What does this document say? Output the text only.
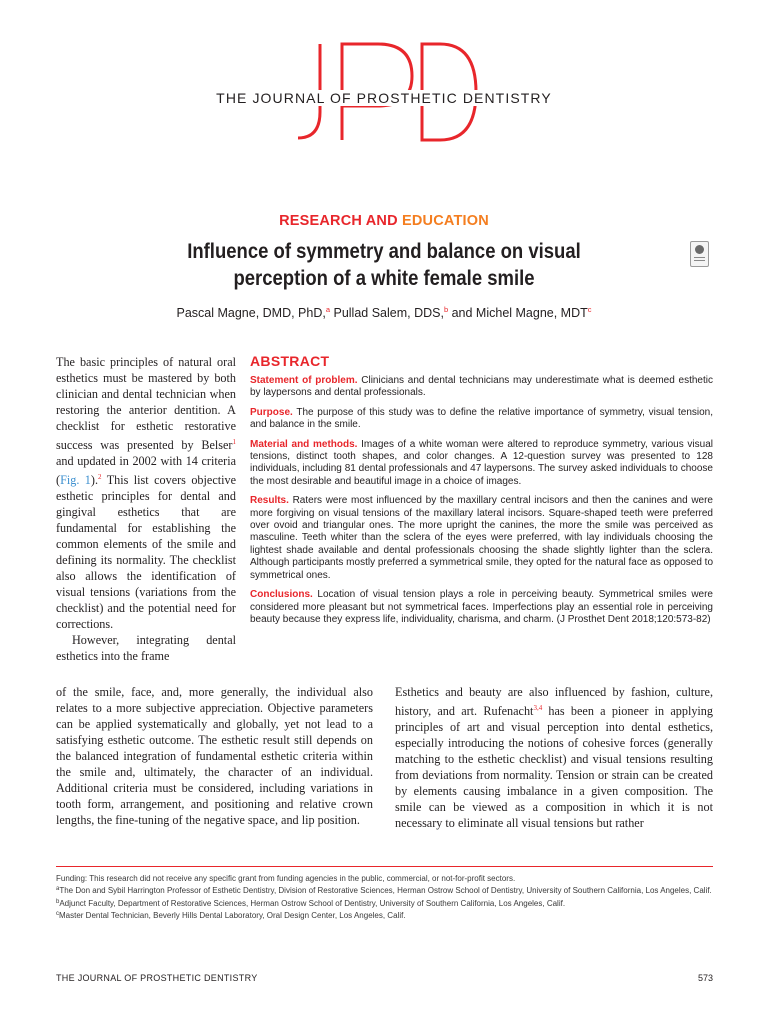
JPD
THE JOURNAL OF PROSTHETIC DENTISTRY
RESEARCH AND EDUCATION
Influence of symmetry and balance on visual perception of a white female smile
Pascal Magne, DMD, PhD,$^a$ Pullad Salem, DDS,$^b$ and Michel Magne, MDT$^c$

The basic principles of natural oral esthetics must be mastered by both clinician and dental technician when restoring the anterior dentition. A checklist for esthetic restorative success was presented by Belser$^1$ and updated in 2002 with 14 criteria (Fig. 1).$^2$ This list covers objective esthetic principles for dental and gingival esthetics that are fundamental for establishing the common elements of the smile and defining its normality. The checklist also allows the identification of visual tensions (variations from the checklist) and the potential need for corrections.

However, integrating dental esthetics into the frame

ABSTRACT

Statement of problem. Clinicians and dental technicians may underestimate what is deemed esthetic by laypersons and dental professionals.

Purpose. The purpose of this study was to define the relative importance of symmetry, visual tension, and balance in the smile.

Material and methods. Images of a white woman were altered to reproduce symmetry, various visual tensions, distinct tooth shapes, and color changes. A 12-question survey was presented to 128 individuals, including 81 dental professionals and 47 laypersons. The survey asked individuals to choose the most desirable and beautiful image in a choice of images.

Results. Raters were most influenced by the maxillary central incisors and then the canines and were more forgiving on visual tensions of the maxillary lateral incisors. Square-shaped teeth were preferred over ovoid and triangular ones. The more upright the canines, the more the smile was perceived as masculine. Teeth whiter than the sclera of the eyes were preferred, with lay individuals choosing the lightest shade available and dental professionals choosing the shade slightly lighter than the sclera. Although participants mostly preferred a symmetrical smile, they opted for the natural face as opposed to symmetrical ones.

Conclusions. Location of visual tension plays a role in perceiving beauty. Symmetrical smiles were considered more pleasant but not symmetrical faces. Imperfections play an essential role in perceiving beauty because they express life, individuality, charisma, and charm. (J Prosthet Dent 2018;120:573-82)

of the smile, face, and, more generally, the individual also relates to a more subjective appreciation. Objective parameters can be applied systematically and globally, yet not lead to a satisfying esthetic outcome. The esthetic result still depends on the balanced integration of fundamental esthetic criteria within the smile and, ultimately, the character of an individual. Additional criteria must be considered, including variations in tooth form, arrangement, and positioning and relative crown lengths, the fine-tuning of the negative space, and lip position.
Esthetics and beauty are also influenced by fashion, culture, history, and art. Rufenacht$^{3,4}$ has been a pioneer in applying principles of art and visual perception into dental esthetics, especially introducing the notions of cohesive forces (generally matching to the esthetic checklist) and visual tensions resulting from deviations from normality. Tension or strain can be created by elements causing imbalance in a given composition. The smile can be viewed as a composition in which it is not necessary to eliminate all visual tensions but rather

Funding: This research did not receive any specific grant from funding agencies in the public, commercial, or not-for-profit sectors.

$^a$The Don and Sybil Harrington Professor of Esthetic Dentistry, Division of Restorative Sciences, Herman Ostrow School of Dentistry, University of Southern California, Los Angeles, Calif.

$^b$Adjunct Faculty, Department of Restorative Sciences, Herman Ostrow School of Dentistry, University of Southern California, Los Angeles, Calif.

$^c$Master Dental Technician, Beverly Hills Dental Laboratory, Oral Design Center, Los Angeles, Calif.

THE JOURNAL OF PROSTHETIC DENTISTRY	573
